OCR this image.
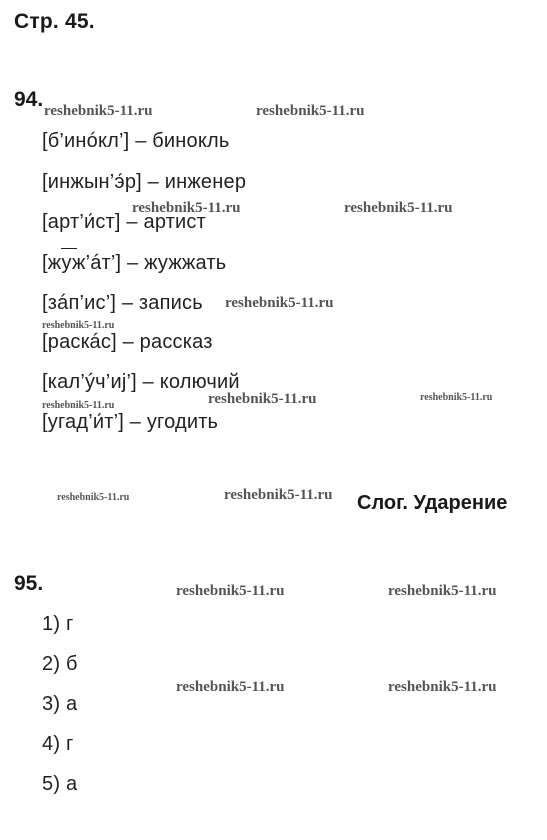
Стр. 45.
94.
[б’инóкл’] – бинокль
[инжын’э́р] – инженер
[арт’и́ст] – артист
[жуж’áт’] – жужжать
[зáп’ис’] – запись
[раскáс] – рассказ
[кал’ýч’иj’] – колючий
[угад’и́т’] – угодить
Слог. Ударение
95.
1) г
2) б
3) а
4) г
5) а
reshebnik5-11.ru	reshebnik5-11.ru
reshebnik5-11.ru	reshebnik5-11.ru
reshebnik5-11.ru
reshebnik5-11.ru
reshebnik5-11.ru	reshebnik5-11.ru	reshebnik5-11.ru
reshebnik5-11.ru	reshebnik5-11.ru
reshebnik5-11.ru	reshebnik5-11.ru
reshebnik5-11.ru	reshebnik5-11.ru
